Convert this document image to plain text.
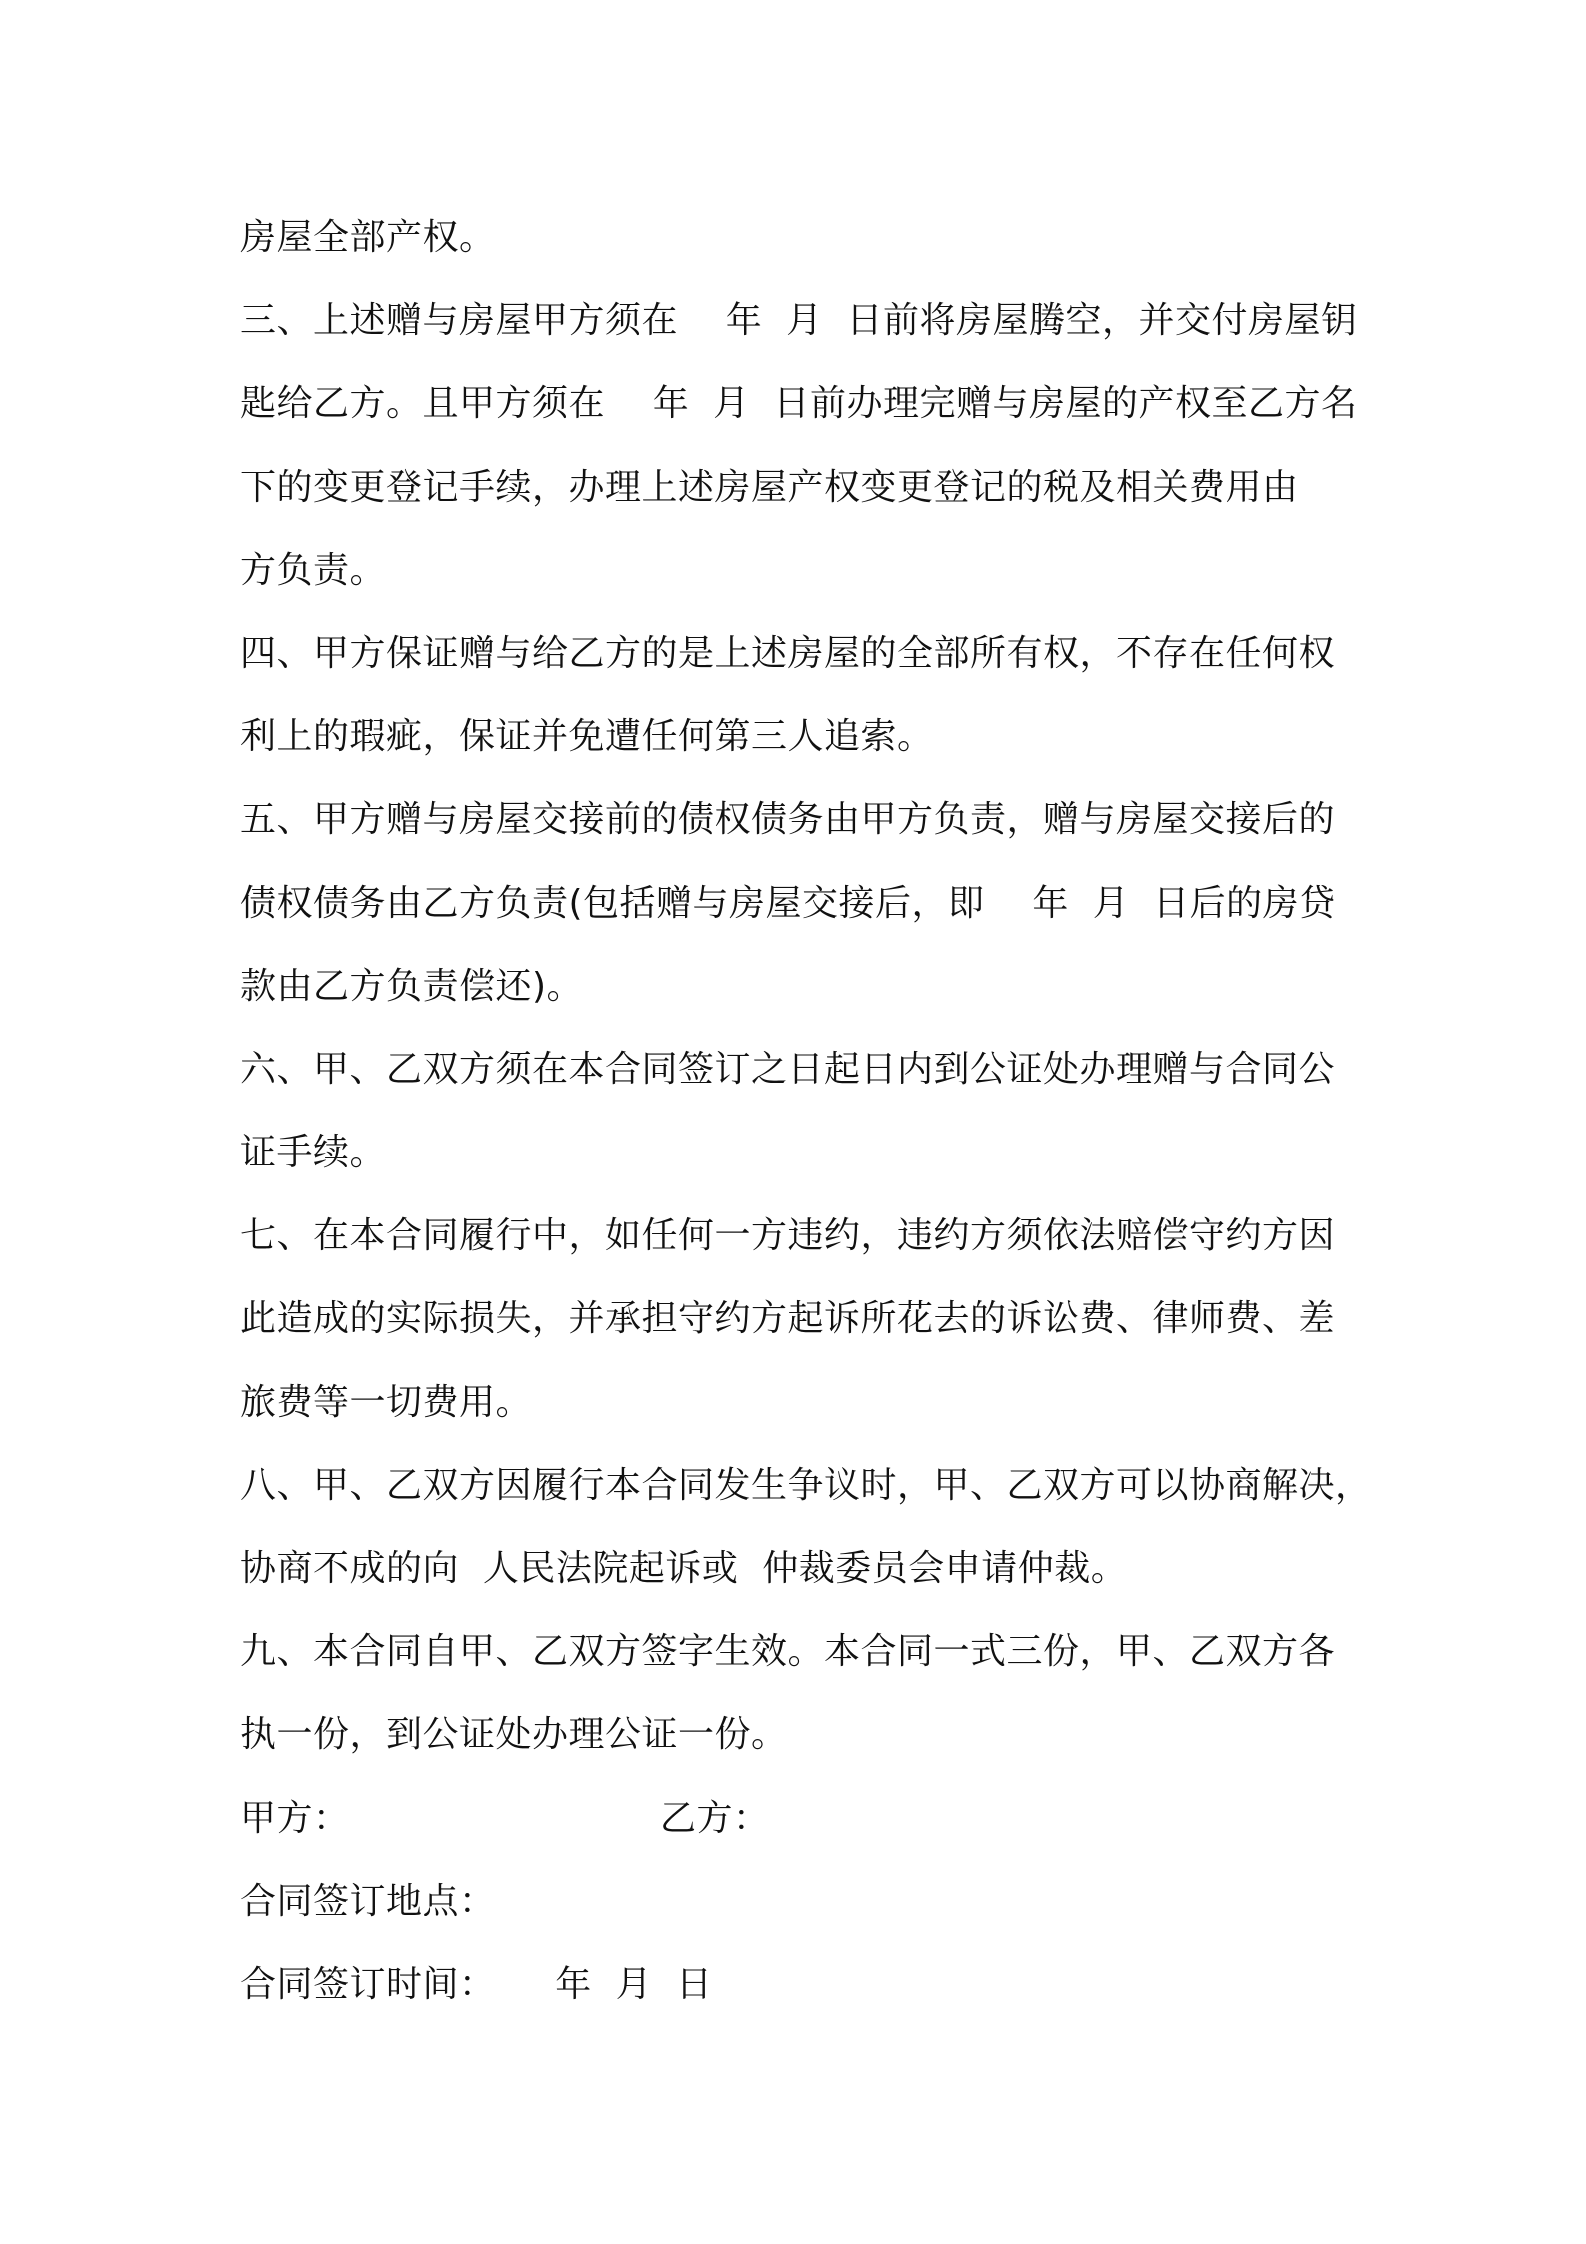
房屋全部产权。
三、上述赠与房屋甲方须在    年  月  日前将房屋腾空，并交付房屋钥
匙给乙方。且甲方须在    年  月  日前办理完赠与房屋的产权至乙方名
下的变更登记手续，办理上述房屋产权变更登记的税及相关费用由
方负责。
四、甲方保证赠与给乙方的是上述房屋的全部所有权，不存在任何权
利上的瑕疵，保证并免遭任何第三人追索。
五、甲方赠与房屋交接前的债权债务由甲方负责，赠与房屋交接后的
债权债务由乙方负责(包括赠与房屋交接后，即    年  月  日后的房贷
款由乙方负责偿还)。
六、甲、乙双方须在本合同签订之日起日内到公证处办理赠与合同公
证手续。
七、在本合同履行中，如任何一方违约，违约方须依法赔偿守约方因
此造成的实际损失，并承担守约方起诉所花去的诉讼费、律师费、差
旅费等一切费用。
八、甲、乙双方因履行本合同发生争议时，甲、乙双方可以协商解决，
协商不成的向  人民法院起诉或  仲裁委员会申请仲裁。
九、本合同自甲、乙双方签字生效。本合同一式三份，甲、乙双方各
执一份，到公证处办理公证一份。
甲方：                          乙方：
合同签订地点：
合同签订时间：     年  月  日
